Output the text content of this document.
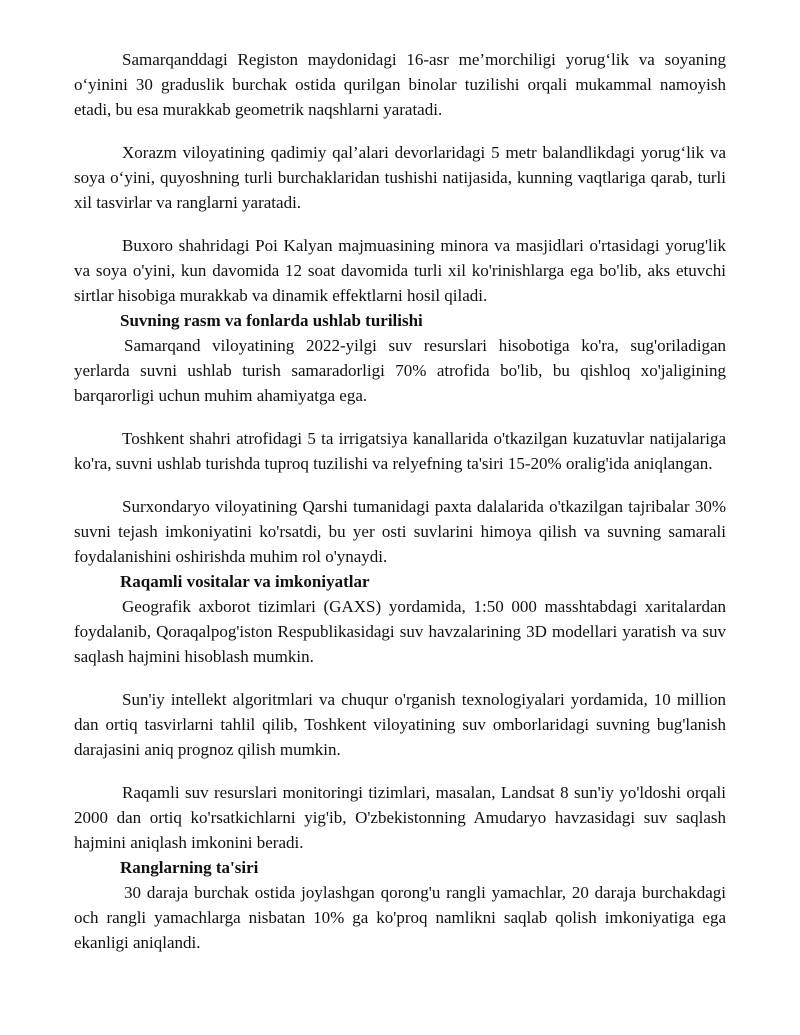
Samarqanddagi Registon maydonidagi 16-asr me’morchiligi yorug‘lik va soyaning o‘yinini 30 graduslik burchak ostida qurilgan binolar tuzilishi orqali mukammal namoyish etadi, bu esa murakkab geometrik naqshlarni yaratadi.

Xorazm viloyatining qadimiy qal’alari devorlaridagi 5 metr balandlikdagi yorug‘lik va soya o‘yini, quyoshning turli burchaklaridan tushishi natijasida, kunning vaqtlariga qarab, turli xil tasvirlar va ranglarni yaratadi.

Buxoro shahridagi Poi Kalyan majmuasining minora va masjidlari o'rtasidagi yorug'lik va soya o'yini, kun davomida 12 soat davomida turli xil ko'rinishlarga ega bo'lib, aks etuvchi sirtlar hisobiga murakkab va dinamik effektlarni hosil qiladi.

Suvning rasm va fonlarda ushlab turilishi

Samarqand viloyatining 2022-yilgi suv resurslari hisobotiga ko'ra, sug'oriladigan yerlarda suvni ushlab turish samaradorligi 70% atrofida bo'lib, bu qishloq xo'jaligining barqarorligi uchun muhim ahamiyatga ega.

Toshkent shahri atrofidagi 5 ta irrigatsiya kanallarida o'tkazilgan kuzatuvlar natijalariga ko'ra, suvni ushlab turishda tuproq tuzilishi va relyefning ta'siri 15-20% oralig'ida aniqlangan.

Surxondaryo viloyatining Qarshi tumanidagi paxta dalalarida o'tkazilgan tajribalar 30% suvni tejash imkoniyatini ko'rsatdi, bu yer osti suvlarini himoya qilish va suvning samarali foydalanishini oshirishda muhim rol o'ynaydi.

Raqamli vositalar va imkoniyatlar

Geografik axborot tizimlari (GAXS) yordamida, 1:50 000 masshtabdagi xaritalardan foydalanib, Qoraqalpog'iston Respublikasidagi suv havzalarining 3D modellari yaratish va suv saqlash hajmini hisoblash mumkin.

Sun'iy intellekt algoritmlari va chuqur o'rganish texnologiyalari yordamida, 10 million dan ortiq tasvirlarni tahlil qilib, Toshkent viloyatining suv omborlaridagi suvning bug'lanish darajasini aniq prognoz qilish mumkin.

Raqamli suv resurslari monitoringi tizimlari, masalan, Landsat 8 sun'iy yo'ldoshi orqali 2000 dan ortiq ko'rsatkichlarni yig'ib, O'zbekistonning Amudaryo havzasidagi suv saqlash hajmini aniqlash imkonini beradi.

Ranglarning ta'siri

30 daraja burchak ostida joylashgan qorong'u rangli yamachlar, 20 daraja burchakdagi och rangli yamachlarga nisbatan 10% ga ko'proq namlikni saqlab qolish imkoniyatiga ega ekanligi aniqlandi.
